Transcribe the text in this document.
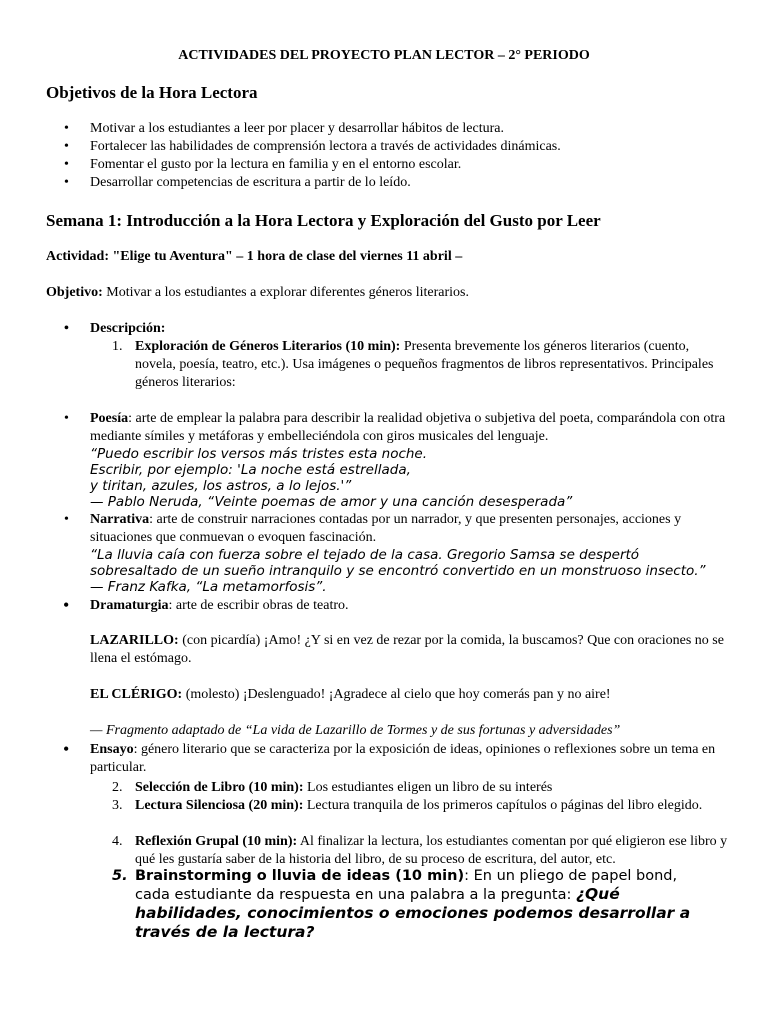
ACTIVIDADES DEL PROYECTO PLAN LECTOR – 2° PERIODO
Objetivos de la Hora Lectora
• Motivar a los estudiantes a leer por placer y desarrollar hábitos de lectura.
• Fortalecer las habilidades de comprensión lectora a través de actividades dinámicas.
• Fomentar el gusto por la lectura en familia y en el entorno escolar.
• Desarrollar competencias de escritura a partir de lo leído.
Semana 1: Introducción a la Hora Lectora y Exploración del Gusto por Leer
Actividad: "Elige tu Aventura" – 1 hora de clase del viernes 11 abril –
Objetivo: Motivar a los estudiantes a explorar diferentes géneros literarios.
• Descripción:
1. Exploración de Géneros Literarios (10 min): Presenta brevemente los géneros literarios (cuento, novela, poesía, teatro, etc.). Usa imágenes o pequeños fragmentos de libros representativos. Principales géneros literarios:
• Poesía: arte de emplear la palabra para describir la realidad objetiva o subjetiva del poeta, comparándola con otra mediante símiles y metáforas y embelleciéndola con giros musicales del lenguaje.
“Puedo escribir los versos más tristes esta noche.
Escribir, por ejemplo: 'La noche está estrellada,
y tiritan, azules, los astros, a lo lejos.'”
— Pablo Neruda, “Veinte poemas de amor y una canción desesperada”
• Narrativa: arte de construir narraciones contadas por un narrador, y que presenten personajes, acciones y situaciones que conmuevan o evoquen fascinación.
“La lluvia caía con fuerza sobre el tejado de la casa. Gregorio Samsa se despertó
sobresaltado de un sueño intranquilo y se encontró convertido en un monstruoso insecto.”
— Franz Kafka, “La metamorfosis”.
• Dramaturgia: arte de escribir obras de teatro.
LAZARILLO: (con picardía) ¡Amo! ¿Y si en vez de rezar por la comida, la buscamos? Que con oraciones no se llena el estómago.
EL CLÉRIGO: (molesto) ¡Deslenguado! ¡Agradece al cielo que hoy comerás pan y no aire!
— Fragmento adaptado de “La vida de Lazarillo de Tormes y de sus fortunas y adversidades”
• Ensayo: género literario que se caracteriza por la exposición de ideas, opiniones o reflexiones sobre un tema en particular.
2. Selección de Libro (10 min): Los estudiantes eligen un libro de su interés
3. Lectura Silenciosa (20 min): Lectura tranquila de los primeros capítulos o páginas del libro elegido.
4. Reflexión Grupal (10 min): Al finalizar la lectura, los estudiantes comentan por qué eligieron ese libro y qué les gustaría saber de la historia del libro, de su proceso de escritura, del autor, etc.
5. Brainstorming o lluvia de ideas (10 min): En un pliego de papel bond, cada estudiante da respuesta en una palabra a la pregunta: ¿Qué habilidades, conocimientos o emociones podemos desarrollar a través de la lectura?
